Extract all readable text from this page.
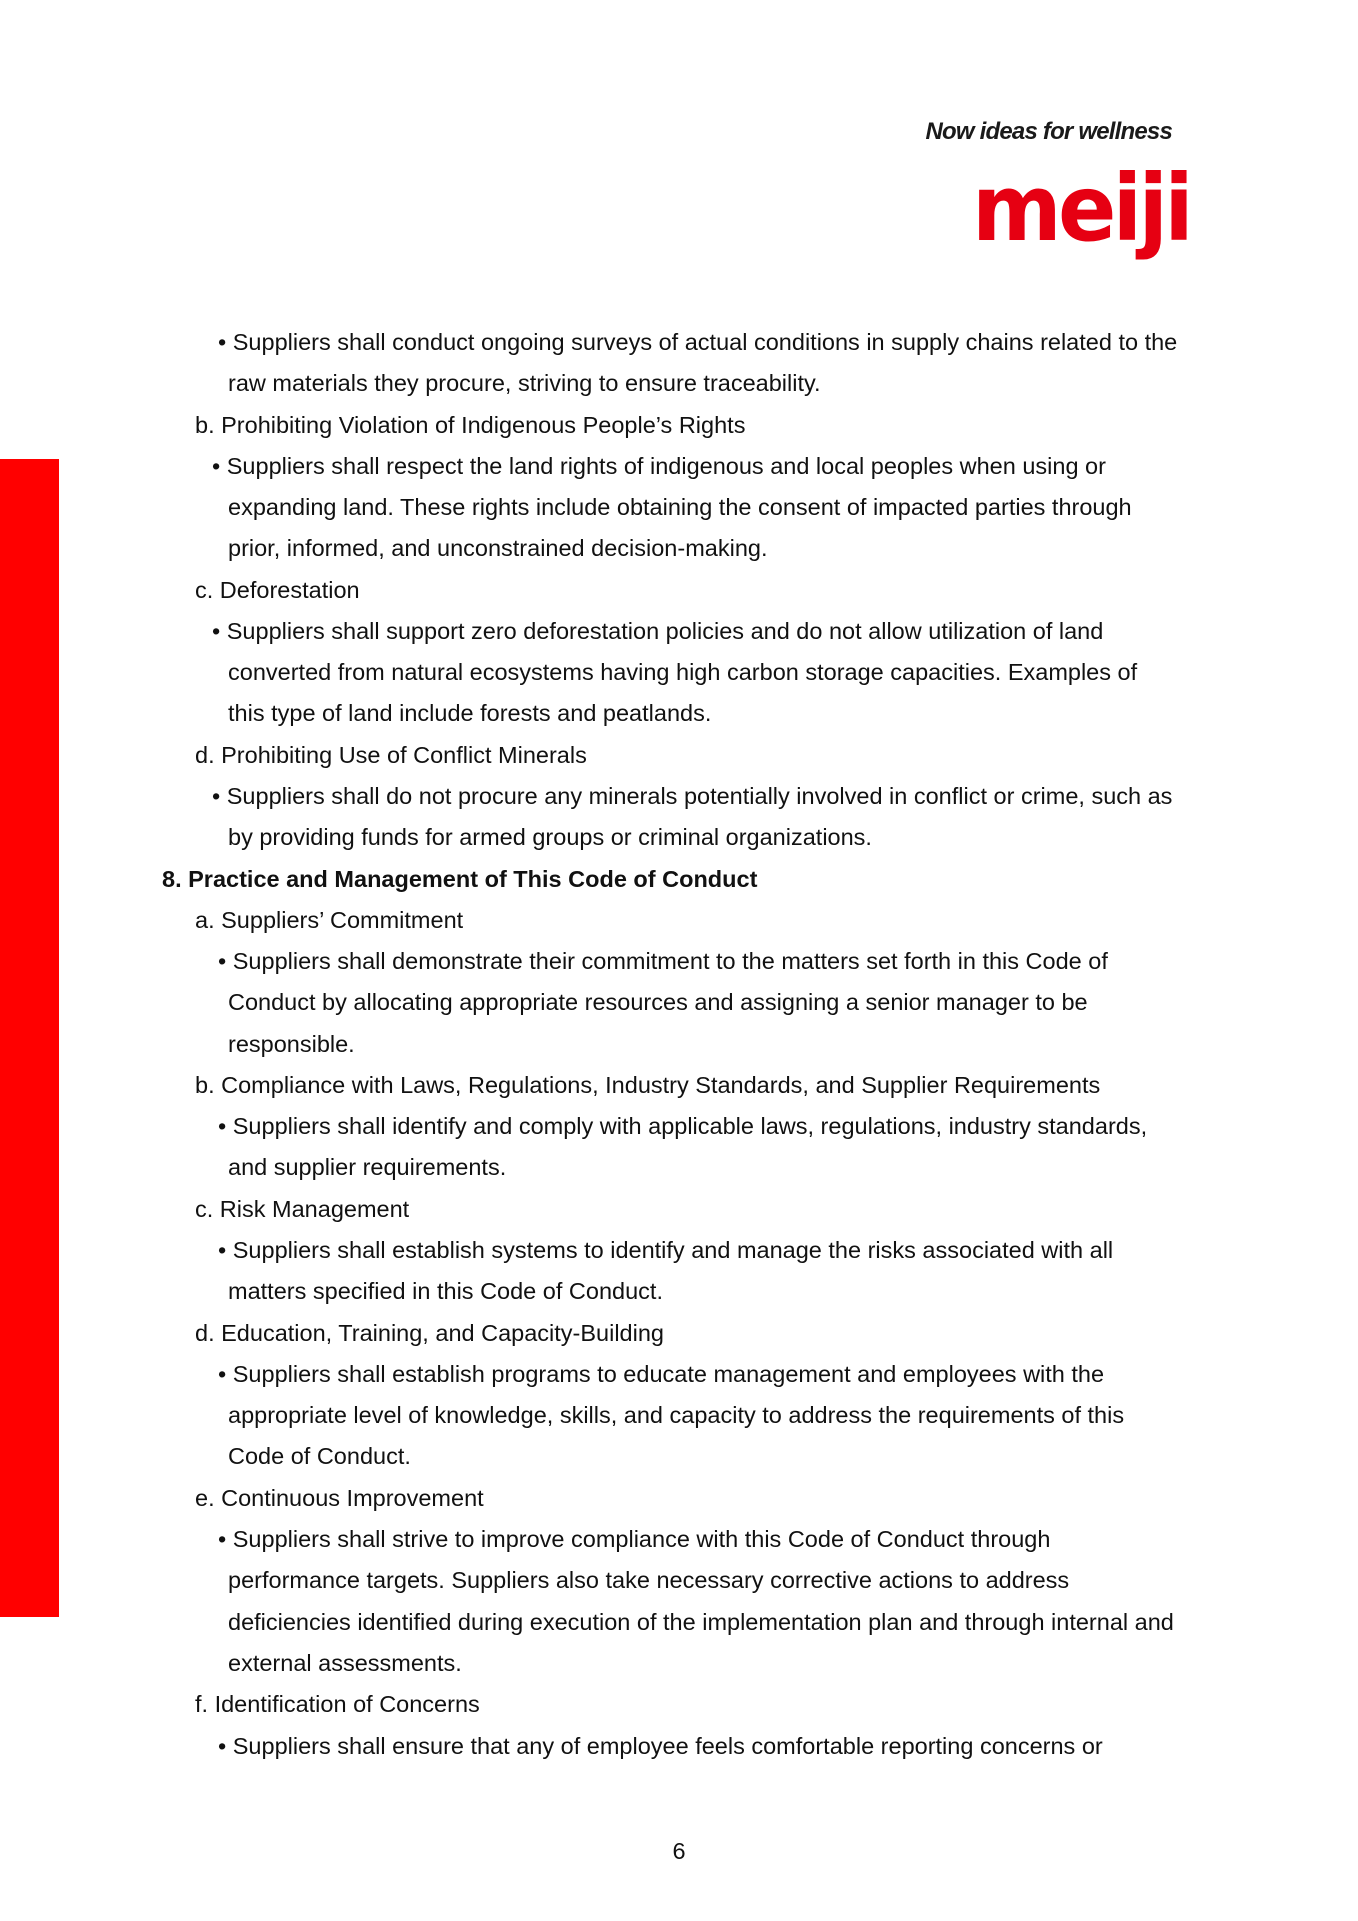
Now ideas for wellness
meiji
• Suppliers shall conduct ongoing surveys of actual conditions in supply chains related to the
raw materials they procure, striving to ensure traceability.
b. Prohibiting Violation of Indigenous People’s Rights
• Suppliers shall respect the land rights of indigenous and local peoples when using or
expanding land. These rights include obtaining the consent of impacted parties through
prior, informed, and unconstrained decision-making.
c. Deforestation
• Suppliers shall support zero deforestation policies and do not allow utilization of land
converted from natural ecosystems having high carbon storage capacities. Examples of
this type of land include forests and peatlands.
d. Prohibiting Use of Conflict Minerals
• Suppliers shall do not procure any minerals potentially involved in conflict or crime, such as
by providing funds for armed groups or criminal organizations.
8. Practice and Management of This Code of Conduct
a. Suppliers’ Commitment
• Suppliers shall demonstrate their commitment to the matters set forth in this Code of
Conduct by allocating appropriate resources and assigning a senior manager to be
responsible.
b. Compliance with Laws, Regulations, Industry Standards, and Supplier Requirements
• Suppliers shall identify and comply with applicable laws, regulations, industry standards,
and supplier requirements.
c. Risk Management
• Suppliers shall establish systems to identify and manage the risks associated with all
matters specified in this Code of Conduct.
d. Education, Training, and Capacity-Building
• Suppliers shall establish programs to educate management and employees with the
appropriate level of knowledge, skills, and capacity to address the requirements of this
Code of Conduct.
e. Continuous Improvement
• Suppliers shall strive to improve compliance with this Code of Conduct through
performance targets. Suppliers also take necessary corrective actions to address
deficiencies identified during execution of the implementation plan and through internal and
external assessments.
f. Identification of Concerns
• Suppliers shall ensure that any of employee feels comfortable reporting concerns or
6
